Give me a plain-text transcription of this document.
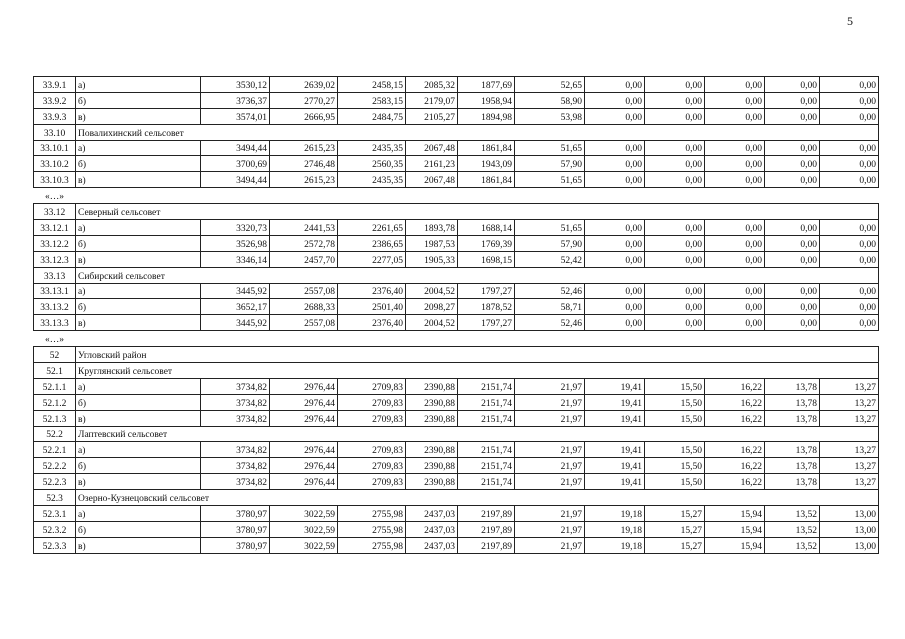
5
33.9.1	а)	3530,12	2639,02	2458,15	2085,32	1877,69	52,65	0,00	0,00	0,00	0,00	0,00
33.9.2	б)	3736,37	2770,27	2583,15	2179,07	1958,94	58,90	0,00	0,00	0,00	0,00	0,00
33.9.3	в)	3574,01	2666,95	2484,75	2105,27	1894,98	53,98	0,00	0,00	0,00	0,00	0,00
33.10	Повалихинский сельсовет											
33.10.1	а)	3494,44	2615,23	2435,35	2067,48	1861,84	51,65	0,00	0,00	0,00	0,00	0,00
33.10.2	б)	3700,69	2746,48	2560,35	2161,23	1943,09	57,90	0,00	0,00	0,00	0,00	0,00
33.10.3	в)	3494,44	2615,23	2435,35	2067,48	1861,84	51,65	0,00	0,00	0,00	0,00	0,00
«…»												
33.12	Северный сельсовет											
33.12.1	а)	3320,73	2441,53	2261,65	1893,78	1688,14	51,65	0,00	0,00	0,00	0,00	0,00
33.12.2	б)	3526,98	2572,78	2386,65	1987,53	1769,39	57,90	0,00	0,00	0,00	0,00	0,00
33.12.3	в)	3346,14	2457,70	2277,05	1905,33	1698,15	52,42	0,00	0,00	0,00	0,00	0,00
33.13	Сибирский сельсовет											
33.13.1	а)	3445,92	2557,08	2376,40	2004,52	1797,27	52,46	0,00	0,00	0,00	0,00	0,00
33.13.2	б)	3652,17	2688,33	2501,40	2098,27	1878,52	58,71	0,00	0,00	0,00	0,00	0,00
33.13.3	в)	3445,92	2557,08	2376,40	2004,52	1797,27	52,46	0,00	0,00	0,00	0,00	0,00
«…»												
52	Угловский район											
52.1	Круглянский сельсовет											
52.1.1	а)	3734,82	2976,44	2709,83	2390,88	2151,74	21,97	19,41	15,50	16,22	13,78	13,27
52.1.2	б)	3734,82	2976,44	2709,83	2390,88	2151,74	21,97	19,41	15,50	16,22	13,78	13,27
52.1.3	в)	3734,82	2976,44	2709,83	2390,88	2151,74	21,97	19,41	15,50	16,22	13,78	13,27
52.2	Лаптевский сельсовет											
52.2.1	а)	3734,82	2976,44	2709,83	2390,88	2151,74	21,97	19,41	15,50	16,22	13,78	13,27
52.2.2	б)	3734,82	2976,44	2709,83	2390,88	2151,74	21,97	19,41	15,50	16,22	13,78	13,27
52.2.3	в)	3734,82	2976,44	2709,83	2390,88	2151,74	21,97	19,41	15,50	16,22	13,78	13,27
52.3	Озерно-Кузнецовский сельсовет											
52.3.1	а)	3780,97	3022,59	2755,98	2437,03	2197,89	21,97	19,18	15,27	15,94	13,52	13,00
52.3.2	б)	3780,97	3022,59	2755,98	2437,03	2197,89	21,97	19,18	15,27	15,94	13,52	13,00
52.3.3	в)	3780,97	3022,59	2755,98	2437,03	2197,89	21,97	19,18	15,27	15,94	13,52	13,00
